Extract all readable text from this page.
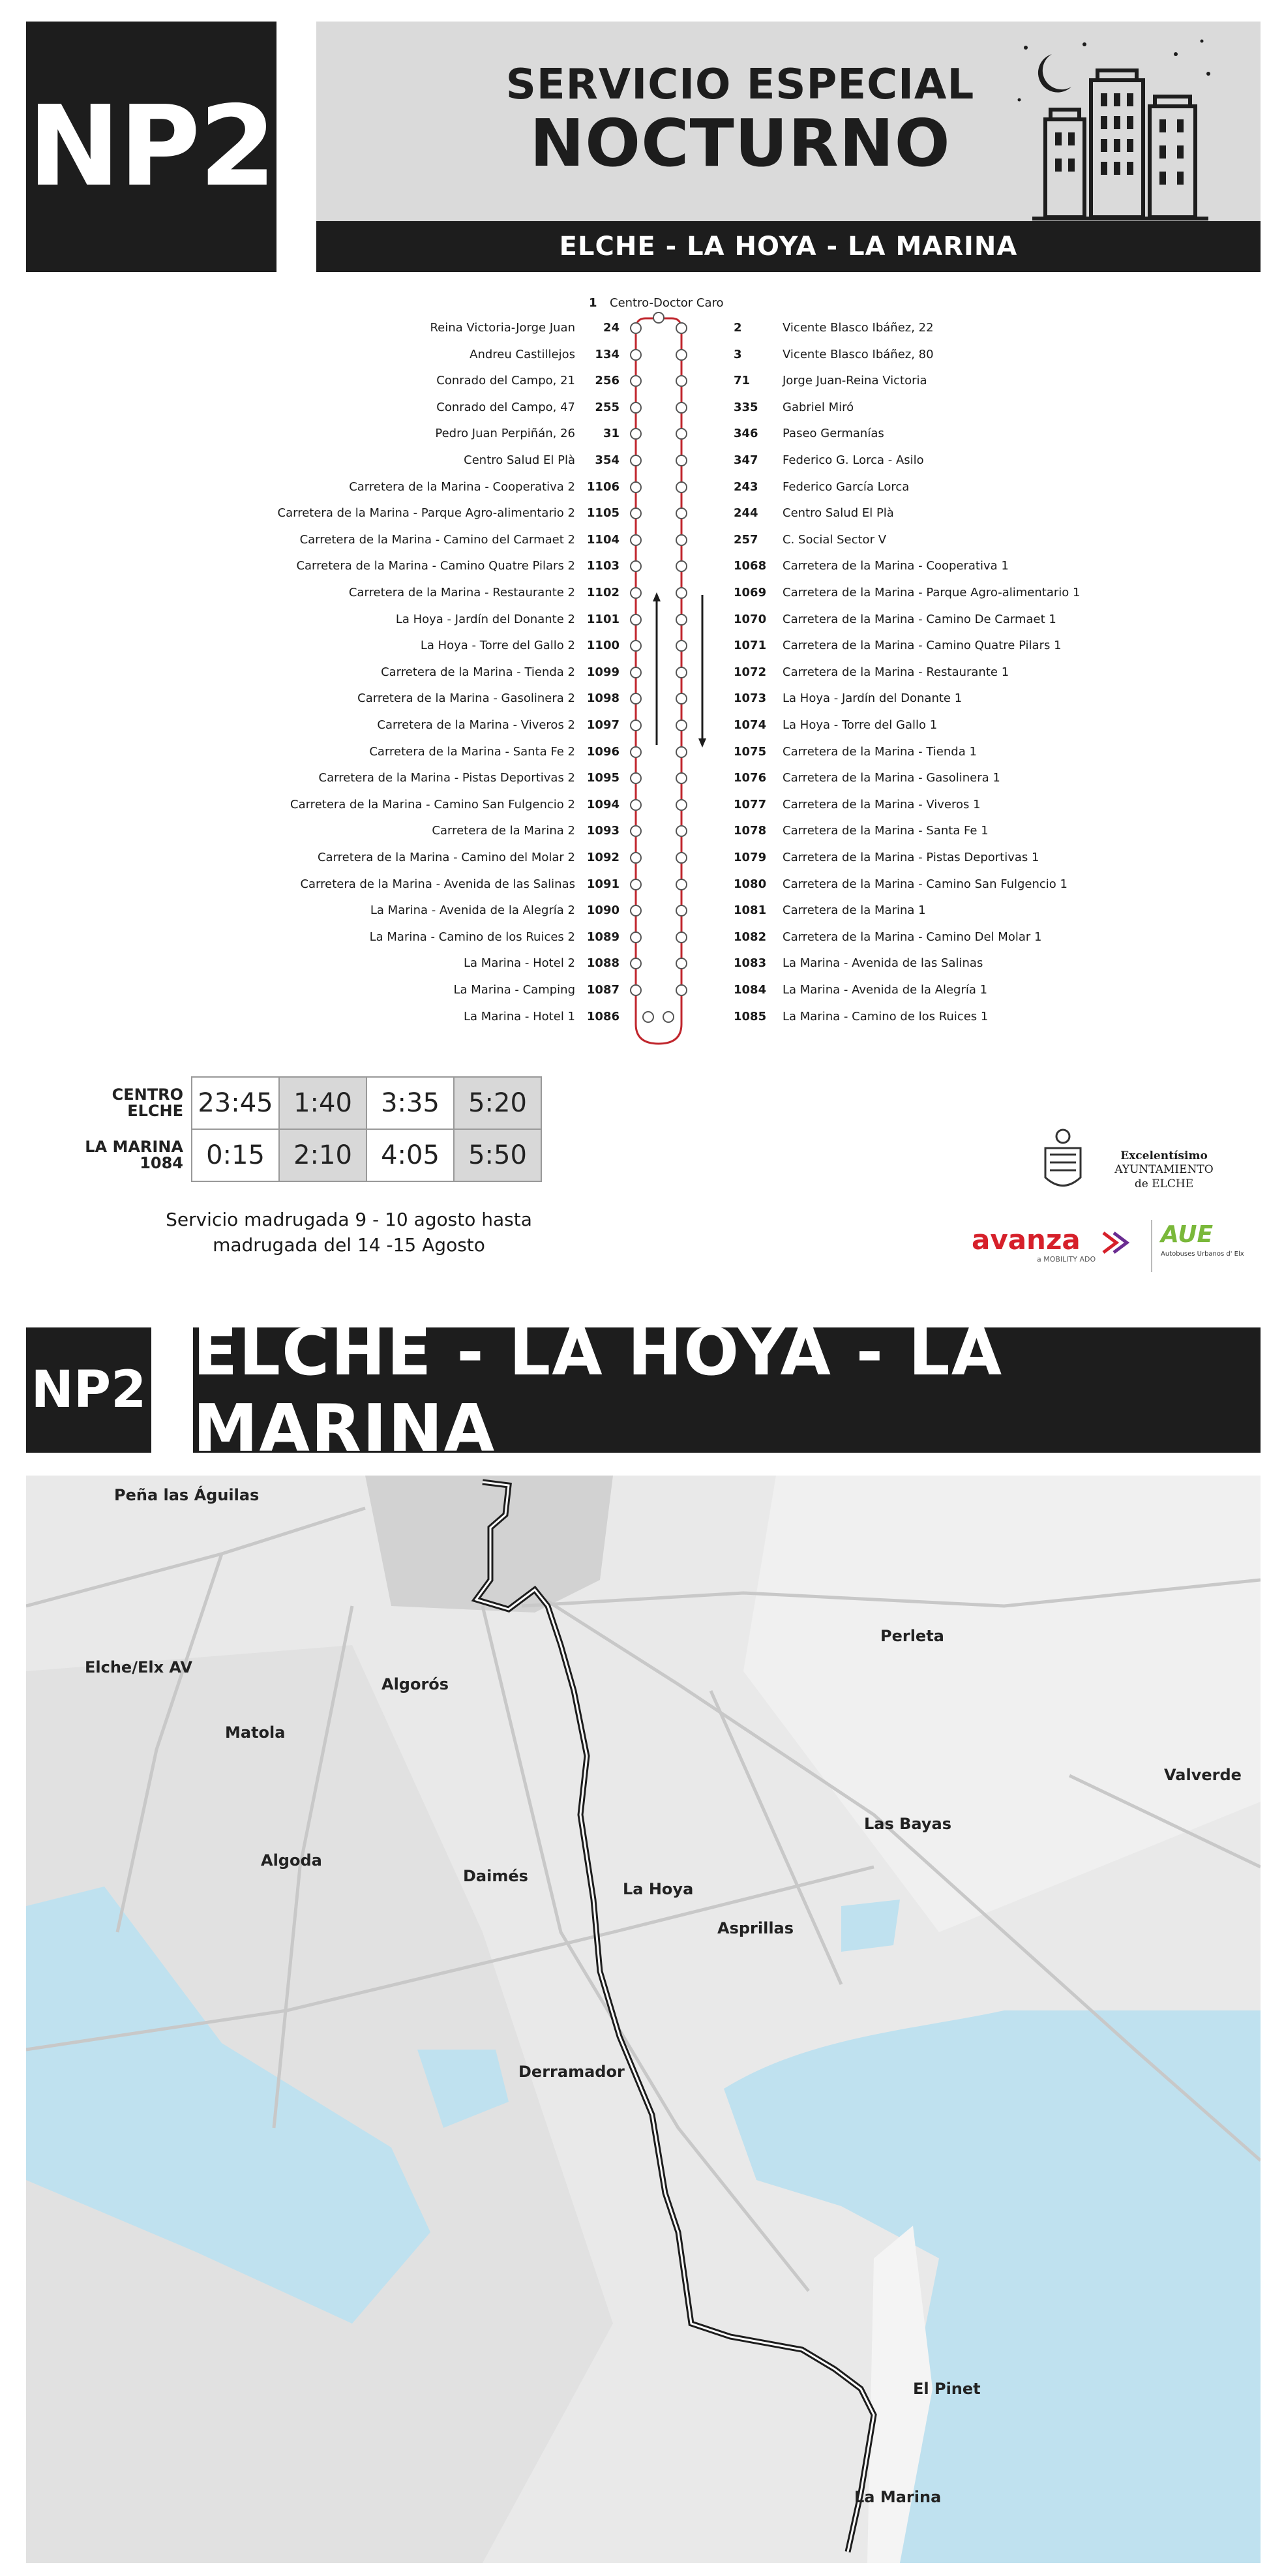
NP2	SERVICIO ESPECIAL
NOCTURNO
ELCHE - LA HOYA - LA MARINA
1 Centro-Doctor Caro
Reina Victoria-Jorge Juan 24
Andreu Castillejos 134
Conrado del Campo, 21 256
Conrado del Campo, 47 255
Pedro Juan Perpiñán, 26 31
Centro Salud El Plà 354
Carretera de la Marina - Cooperativa 2 1106
Carretera de la Marina - Parque Agro-alimentario 2 1105
Carretera de la Marina - Camino del Carmaet 2 1104
Carretera de la Marina - Camino Quatre Pilars 2 1103
Carretera de la Marina - Restaurante 2 1102
La Hoya - Jardín del Donante 2 1101
La Hoya - Torre del Gallo 2 1100
Carretera de la Marina - Tienda 2 1099
Carretera de la Marina - Gasolinera 2 1098
Carretera de la Marina - Viveros 2 1097
Carretera de la Marina - Santa Fe 2 1096
Carretera de la Marina - Pistas Deportivas 2 1095
Carretera de la Marina - Camino San Fulgencio 2 1094
Carretera de la Marina 2 1093
Carretera de la Marina - Camino del Molar 2 1092
Carretera de la Marina - Avenida de las Salinas 1091
La Marina - Avenida de la Alegría 2 1090
La Marina - Camino de los Ruices 2 1089
La Marina - Hotel 2 1088
La Marina - Camping 1087
La Marina - Hotel 1 1086
2	Vicente Blasco Ibáñez, 22
3	Vicente Blasco Ibáñez, 80
71	Jorge Juan-Reina Victoria
335 Gabriel Miró
346 Paseo Germanías
347 Federico G. Lorca - Asilo
243 Federico García Lorca
244 Centro Salud El Plà
257 C. Social Sector V
1068 Carretera de la Marina - Cooperativa 1
1069 Carretera de la Marina - Parque Agro-alimentario 1
1070 Carretera de la Marina - Camino De Carmaet 1
1071 Carretera de la Marina - Camino Quatre Pilars 1
1072 Carretera de la Marina - Restaurante 1
1073 La Hoya - Jardín del Donante 1
1074 La Hoya - Torre del Gallo 1
1075 Carretera de la Marina - Tienda 1
1076 Carretera de la Marina - Gasolinera 1
1077 Carretera de la Marina - Viveros 1
1078 Carretera de la Marina - Santa Fe 1
1079 Carretera de la Marina - Pistas Deportivas 1
1080 Carretera de la Marina - Camino San Fulgencio 1
1081 Carretera de la Marina 1
1082 Carretera de la Marina - Camino Del Molar 1
1083 La Marina - Avenida de las Salinas
1084 La Marina - Avenida de la Alegría 1
1085 La Marina - Camino de los Ruices 1
CENTRO
ELCHE	23:45	1:40	3:35	5:20
LA MARINA
1084	0:15	2:10	4:05	5:50
Servicio madrugada 9 - 10 agosto hasta
madrugada del 14 -15 Agosto
Excelentísimo
AYUNTAMIENTO
de ELCHE
avanza
a MOBILITY ADO
AUE
Autobuses Urbanos d' Elx
NP2 ELCHE - LA HOYA - LA MARINA
Peña las Águilas
Elche/Elx AV
Algorós
Matola
Algoda
Daimés
La Hoya
Asprillas
Perleta
Las Bayas
Valverde
Derramador
El Pinet
La Marina
